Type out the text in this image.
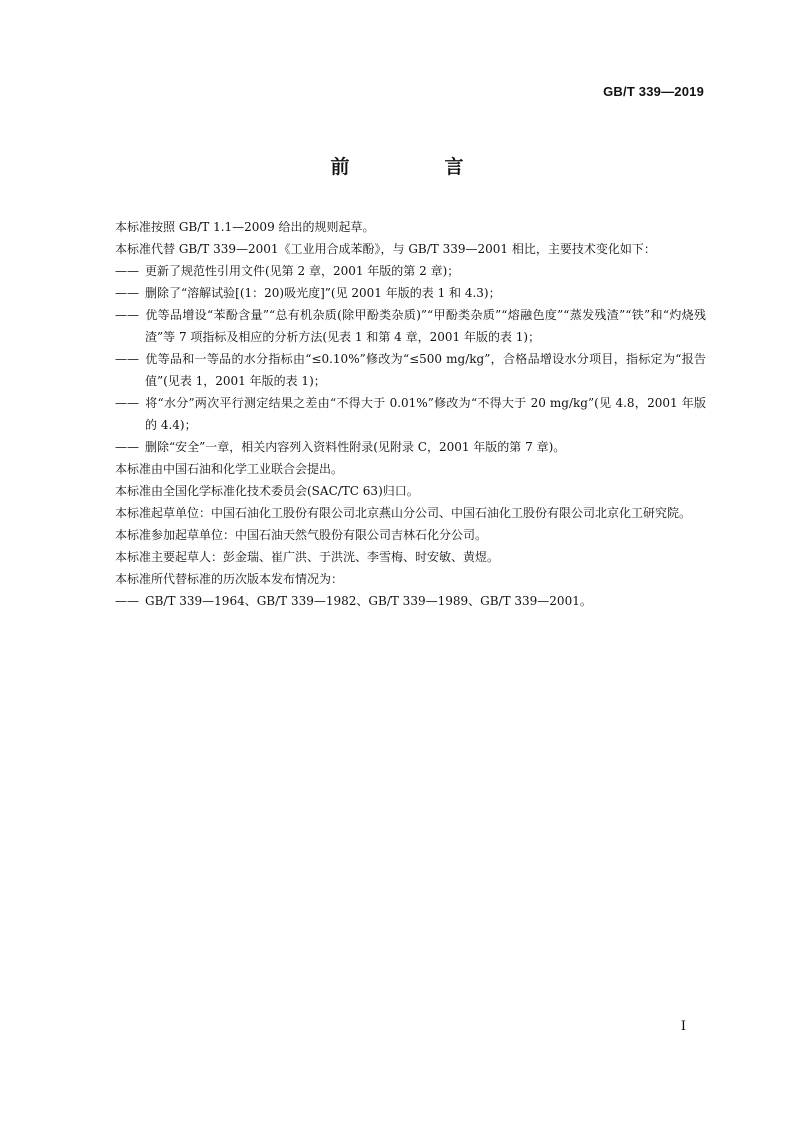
GB/T 339—2019
前　言

本标准按照 GB/T 1.1—2009 给出的规则起草。

本标准代替 GB/T 339—2001《工业用合成苯酚》，与 GB/T 339—2001 相比，主要技术变化如下：

—— 更新了规范性引用文件(见第 2 章，2001 年版的第 2 章)；

—— 删除了“溶解试验[(1：20)吸光度]”(见 2001 年版的表 1 和 4.3)；

—— 优等品增设“苯酚含量”“总有机杂质(除甲酚类杂质)”“甲酚类杂质”“熔融色度”“蒸发残渣”“铁”和“灼烧残渣”等 7 项指标及相应的分析方法(见表 1 和第 4 章，2001 年版的表 1)；

—— 优等品和一等品的水分指标由“≤0.10%”修改为“≤500 mg/kg”，合格品增设水分项目，指标定为“报告值”(见表 1，2001 年版的表 1)；

—— 将“水分”两次平行测定结果之差由“不得大于 0.01%”修改为“不得大于 20 mg/kg”(见 4.8，2001 年版的 4.4)；

—— 删除“安全”一章，相关内容列入资料性附录(见附录 C，2001 年版的第 7 章)。

本标准由中国石油和化学工业联合会提出。

本标准由全国化学标准化技术委员会(SAC/TC 63)归口。

本标准起草单位：中国石油化工股份有限公司北京燕山分公司、中国石油化工股份有限公司北京化工研究院。

本标准参加起草单位：中国石油天然气股份有限公司吉林石化分公司。

本标准主要起草人：彭金瑞、崔广洪、于洪洸、李雪梅、时安敏、黄煜。

本标准所代替标准的历次版本发布情况为：

—— GB/T 339—1964、GB/T 339—1982、GB/T 339—1989、GB/T 339—2001。

I
